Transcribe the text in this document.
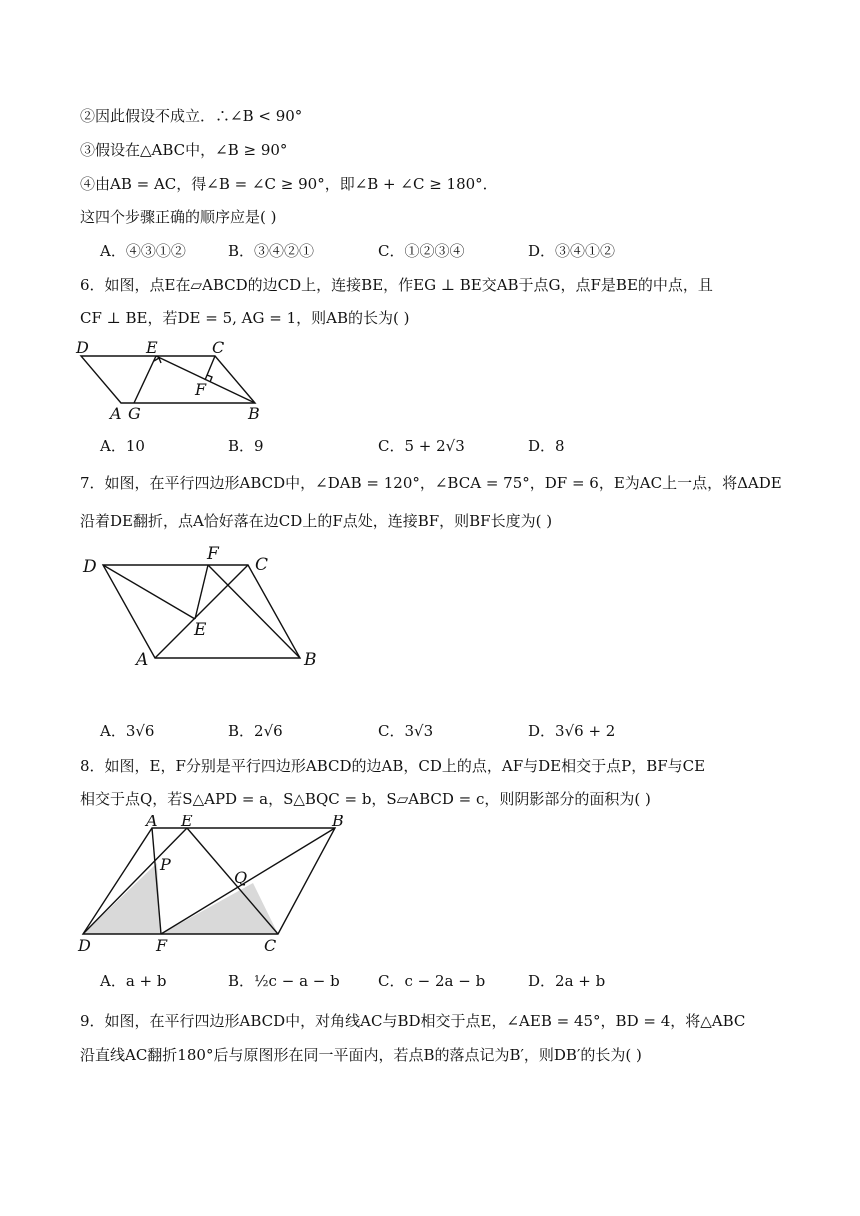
②因此假设不成立．∴∠B < 90°
③假设在△ABC中，∠B ≥ 90°
④由AB = AC，得∠B = ∠C ≥ 90°，即∠B + ∠C ≥ 180°．
这四个步骤正确的顺序应是( )
A．④③①②	B．③④②①	C．①②③④	D．③④①②
6．如图，点E在▱ABCD的边CD上，连接BE，作EG ⊥ BE交AB于点G，点F是BE的中点，且
CF ⊥ BE，若DE = 5, AG = 1，则AB的长为( )
D	E	C
F
A G	B
A．10	B．9	C．5 + 2√3	D．8
7．如图，在平行四边形ABCD中，∠DAB = 120°，∠BCA = 75°，DF = 6，E为AC上一点，将ΔADE
沿着DE翻折，点A恰好落在边CD上的F点处，连接BF，则BF长度为( )
D
F
C
E
A	B
A．3√6	B．2√6	C．3√3	D．3√6 + 2
8．如图，E，F分别是平行四边形ABCD的边AB，CD上的点，AF与DE相交于点P，BF与CE
相交于点Q，若S△APD = a，S△BQC = b，S▱ABCD = c，则阴影部分的面积为( )
A E	B
P
Q
D	F	C
A．a + b	B．½c − a − b	C．c − 2a − b	D．2a + b
9．如图，在平行四边形ABCD中，对角线AC与BD相交于点E，∠AEB = 45°，BD = 4，将△ABC
沿直线AC翻折180°后与原图形在同一平面内，若点B的落点记为B′，则DB′的长为( )
